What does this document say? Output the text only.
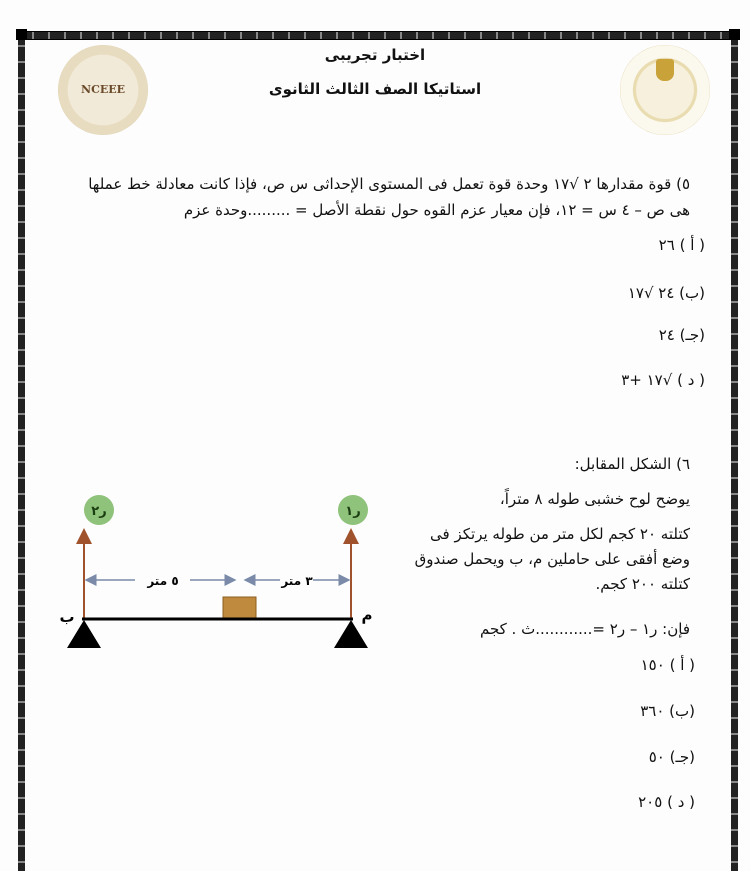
NCEEE
اختبار تجريبى
استاتيكا الصف الثالث الثانوى
٥) قوة مقدارها ٢ √١٧ وحدة قوة تعمل فى المستوى الإحداثى س ص، فإذا كانت معادلة خط عملها
هى ص – ٤ س = ١٢، فإن معيار عزم القوه حول نقطة الأصل = .........وحدة عزم
( أ ) ٢٦
(ب) ٢٤ √١٧
(جـ) ٢٤
( د ) √١٧ +٣
٦) الشكل المقابل:
يوضح لوح خشبى طوله ٨ متراً،
كتلته ٢٠ كجم لكل متر من طوله يرتكز فى
وضع أفقى على حاملين م، ب ويحمل صندوق
كتلته ٢٠٠ كجم.
فإن: ر١ – ر٢ =............ث . كجم
( أ ) ١٥٠
(ب) ٣٦٠
(جـ) ٥٠
( د ) ٢٠٥
ر٢	ر١
٥ متر	٣ متر
ب	م
